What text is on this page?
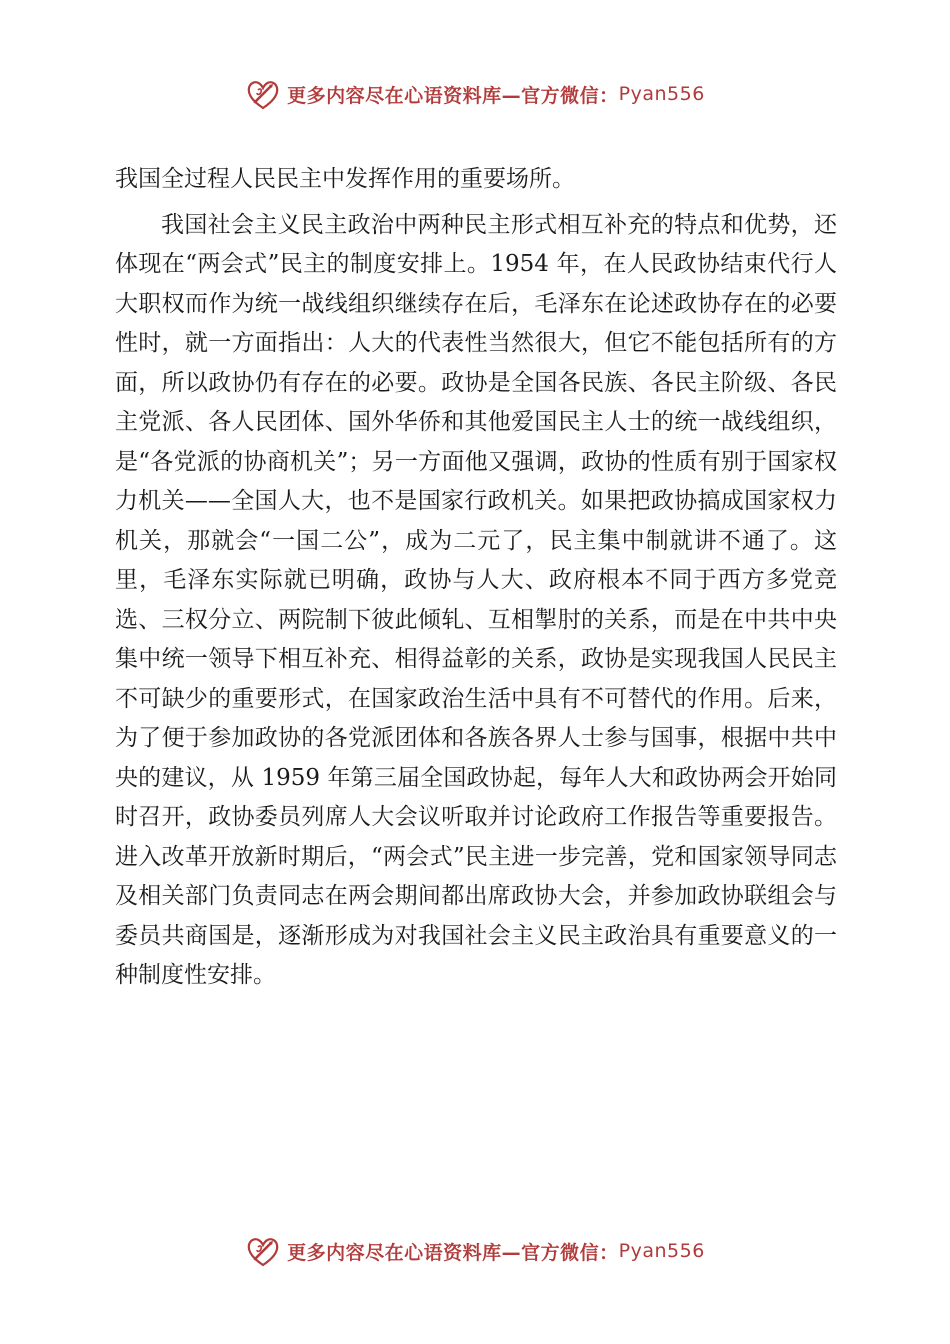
更多内容尽在心语资料库—官方微信： Pyan556

我国全过程人民民主中发挥作用的重要场所。

我国社会主义民主政治中两种民主形式相互补充的特点和优势，还体现在“两会式”民主的制度安排上。1954 年，在人民政协结束代行人大职权而作为统一战线组织继续存在后，毛泽东在论述政协存在的必要性时，就一方面指出：人大的代表性当然很大，但它不能包括所有的方面，所以政协仍有存在的必要。政协是全国各民族、各民主阶级、各民主党派、各人民团体、国外华侨和其他爱国民主人士的统一战线组织，是“各党派的协商机关”；另一方面他又强调，政协的性质有别于国家权力机关——全国人大，也不是国家行政机关。如果把政协搞成国家权力机关，那就会“一国二公”，成为二元了，民主集中制就讲不通了。这里，毛泽东实际就已明确，政协与人大、政府根本不同于西方多党竞选、三权分立、两院制下彼此倾轧、互相掣肘的关系，而是在中共中央集中统一领导下相互补充、相得益彰的关系，政协是实现我国人民民主不可缺少的重要形式，在国家政治生活中具有不可替代的作用。后来，为了便于参加政协的各党派团体和各族各界人士参与国事，根据中共中央的建议，从 1959 年第三届全国政协起，每年人大和政协两会开始同时召开，政协委员列席人大会议听取并讨论政府工作报告等重要报告。进入改革开放新时期后，“两会式”民主进一步完善，党和国家领导同志及相关部门负责同志在两会期间都出席政协大会，并参加政协联组会与委员共商国是，逐渐形成为对我国社会主义民主政治具有重要意义的一种制度性安排。

更多内容尽在心语资料库—官方微信： Pyan556
